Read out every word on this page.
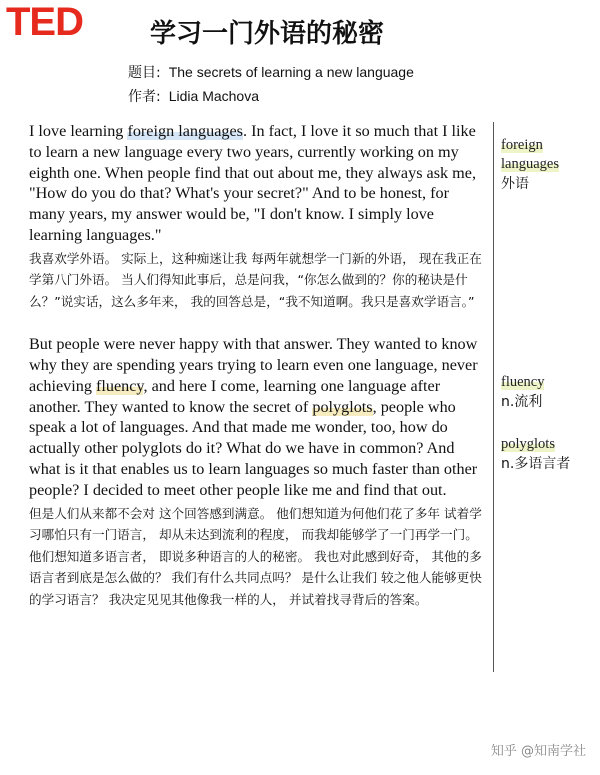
TED	学习一门外语的秘密
题目: The secrets of learning a new language
作者: Lidia Machova

I love learning foreign languages. In fact, I love it so much that I like to learn a new language every two years, currently working on my eighth one. When people find that out about me, they always ask me, "How do you do that? What's your secret?" And to be honest, for many years, my answer would be, "I don't know. I simply love learning languages."

我喜欢学外语。 实际上，这种痴迷让我 每两年就想学一门新的外语， 现在我正在学第八门外语。 当人们得知此事后，总是问我，“你怎么做到的？你的秘诀是什么？”说实话，这么多年来， 我的回答总是，“我不知道啊。我只是喜欢学语言。”

But people were never happy with that answer. They wanted to know why they are spending years trying to learn even one language, never achieving fluency, and here I come, learning one language after another. They wanted to know the secret of polyglots, people who speak a lot of languages. And that made me wonder, too, how do actually other polyglots do it? What do we have in common? And what is it that enables us to learn languages so much faster than other people? I decided to meet other people like me and find that out.

但是人们从来都不会对 这个回答感到满意。 他们想知道为何他们花了多年 试着学习哪怕只有一门语言， 却从未达到流利的程度， 而我却能够学了一门再学一门。 他们想知道多语言者， 即说多种语言的人的秘密。 我也对此感到好奇， 其他的多语言者到底是怎么做的？ 我们有什么共同点吗？ 是什么让我们 较之他人能够更快的学习语言？ 我决定见见其他像我一样的人， 并试着找寻背后的答案。

foreign languages
外语
fluency
n.流利
polyglots
n.多语言者
知乎 @知南学社
